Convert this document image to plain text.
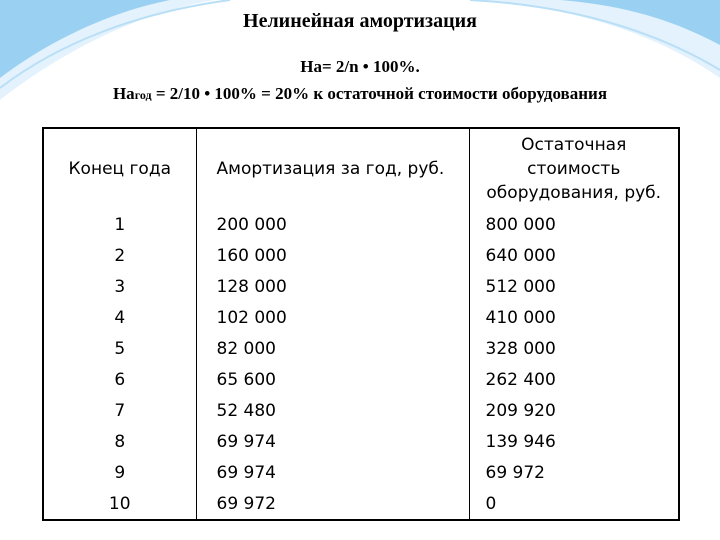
Нелинейная амортизация
На= 2/n • 100%.
Нагод = 2/10 • 100% = 20% к остаточной стоимости оборудования
Конец года	Амортизация за год, руб.	Остаточная стоимость оборудования, руб.
1	200 000	800 000
2	160 000	640 000
3	128 000	512 000
4	102 000	410 000
5	82 000	328 000
6	65 600	262 400
7	52 480	209 920
8	69 974	139 946
9	69 974	69 972
10	69 972	0
